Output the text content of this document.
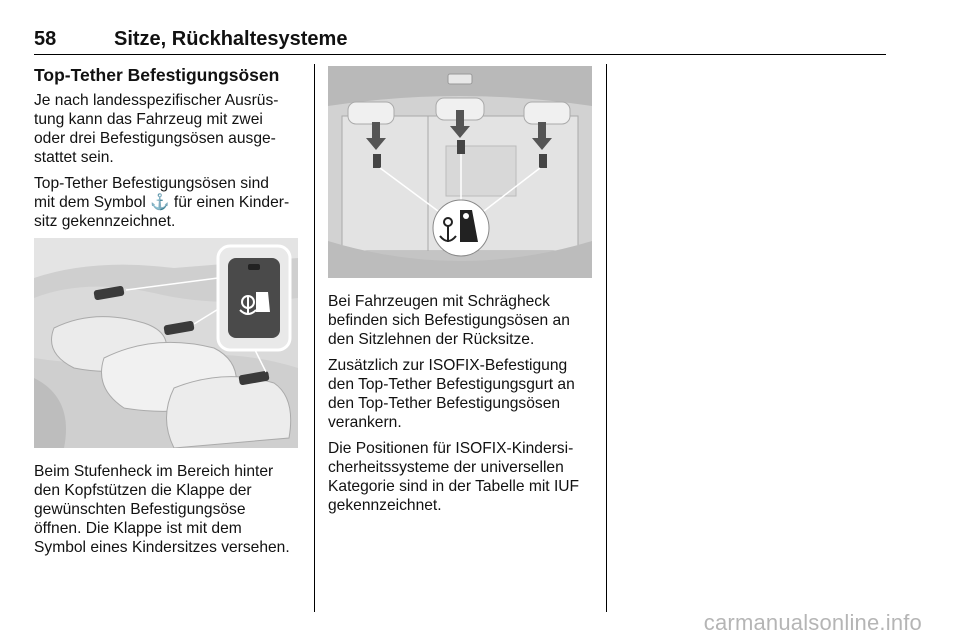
58	Sitze, Rückhaltesysteme
Top-Tether Befestigungsösen

Je nach landesspezifischer Ausrüs-
tung kann das Fahrzeug mit zwei
oder drei Befestigungsösen ausge-
stattet sein.

Top-Tether Befestigungsösen sind
mit dem Symbol ⚓ für einen Kinder-
sitz gekennzeichnet.

Beim Stufenheck im Bereich hinter
den Kopfstützen die Klappe der
gewünschten Befestigungsöse
öffnen. Die Klappe ist mit dem
Symbol eines Kindersitzes versehen.

Bei Fahrzeugen mit Schrägheck
befinden sich Befestigungsösen an
den Sitzlehnen der Rücksitze.

Zusätzlich zur ISOFIX-Befestigung
den Top-Tether Befestigungsgurt an
den Top-Tether Befestigungsösen
verankern.

Die Positionen für ISOFIX-Kindersi-
cherheitssysteme der universellen
Kategorie sind in der Tabelle mit IUF
gekennzeichnet.

carmanualsonline.info
